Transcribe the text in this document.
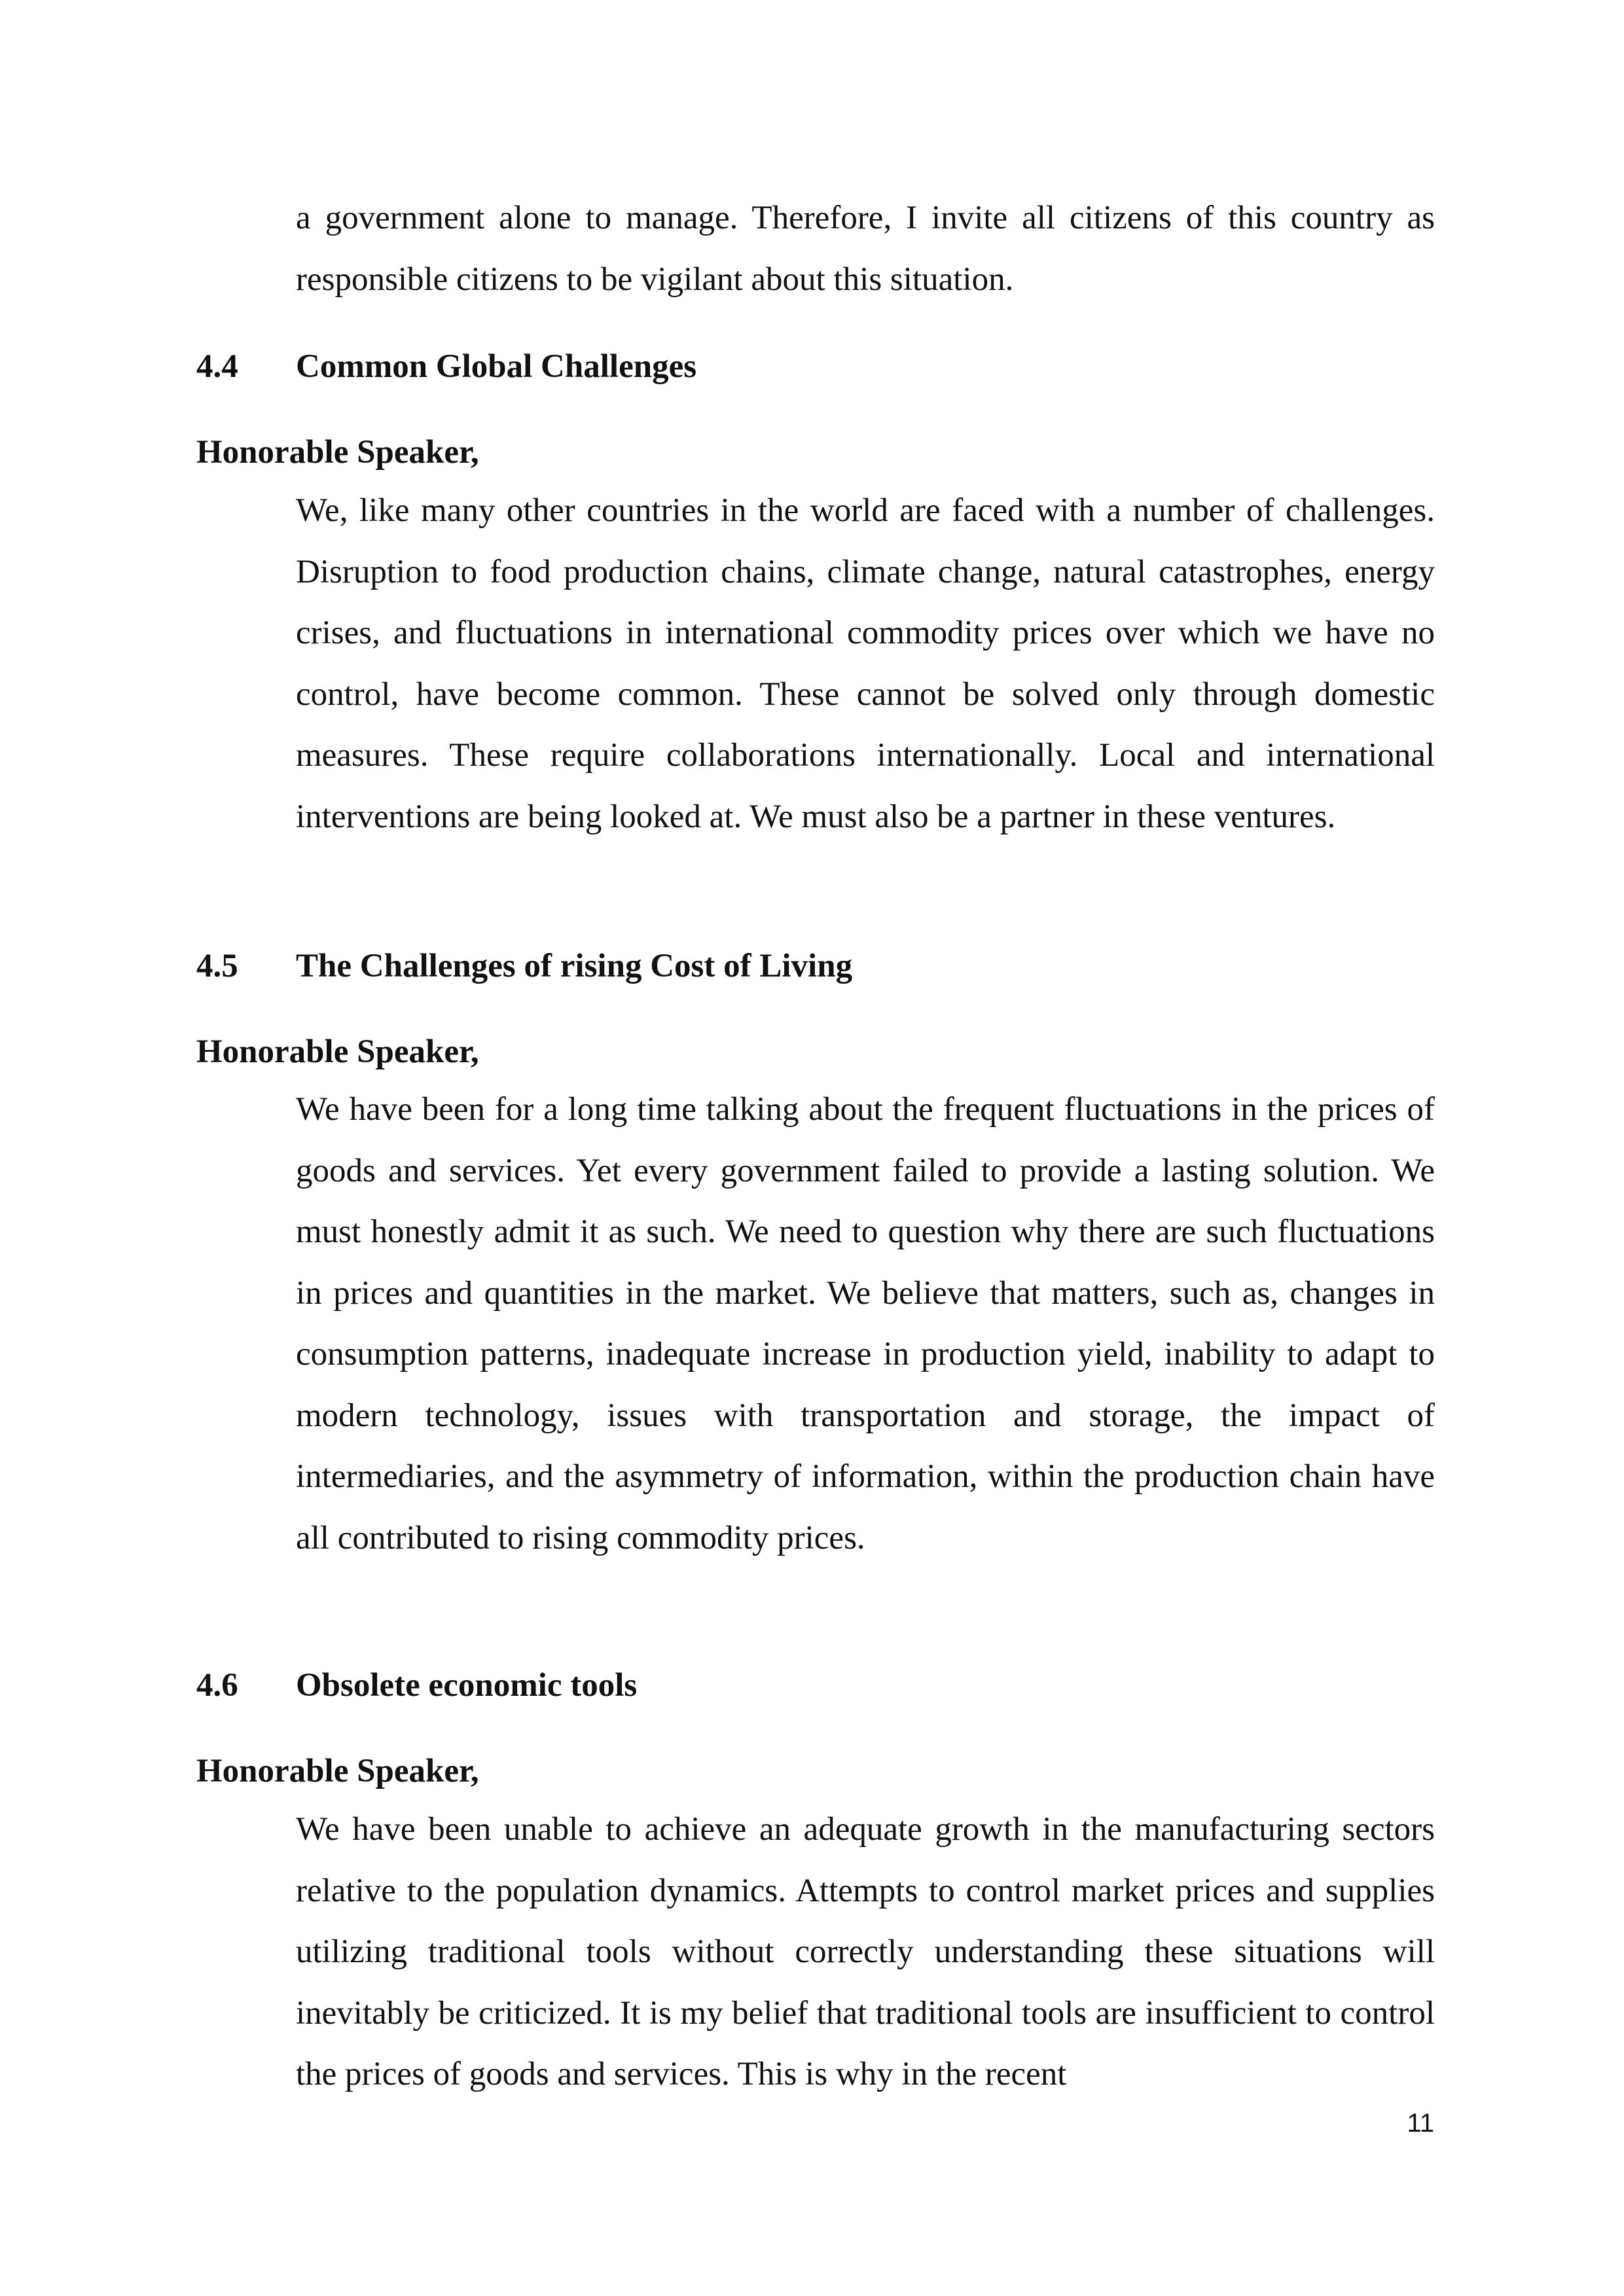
a government alone to manage. Therefore, I invite all citizens of this country as responsible citizens to be vigilant about this situation.

4.4 Common Global Challenges
Honorable Speaker,

We, like many other countries in the world are faced with a number of challenges. Disruption to food production chains, climate change, natural catastrophes, energy crises, and fluctuations in international commodity prices over which we have no control, have become common. These cannot be solved only through domestic measures. These require collaborations internationally. Local and international interventions are being looked at. We must also be a partner in these ventures.

4.5 The Challenges of rising Cost of Living
Honorable Speaker,

We have been for a long time talking about the frequent fluctuations in the prices of goods and services. Yet every government failed to provide a lasting solution. We must honestly admit it as such. We need to question why there are such fluctuations in prices and quantities in the market. We believe that matters, such as, changes in consumption patterns, inadequate increase in production yield, inability to adapt to modern technology, issues with transportation and storage, the impact of intermediaries, and the asymmetry of information, within the production chain have all contributed to rising commodity prices.

4.6 Obsolete economic tools
Honorable Speaker,

We have been unable to achieve an adequate growth in the manufacturing sectors relative to the population dynamics. Attempts to control market prices and supplies utilizing traditional tools without correctly understanding these situations will inevitably be criticized. It is my belief that traditional tools are insufficient to control the prices of goods and services. This is why in the recent

11
